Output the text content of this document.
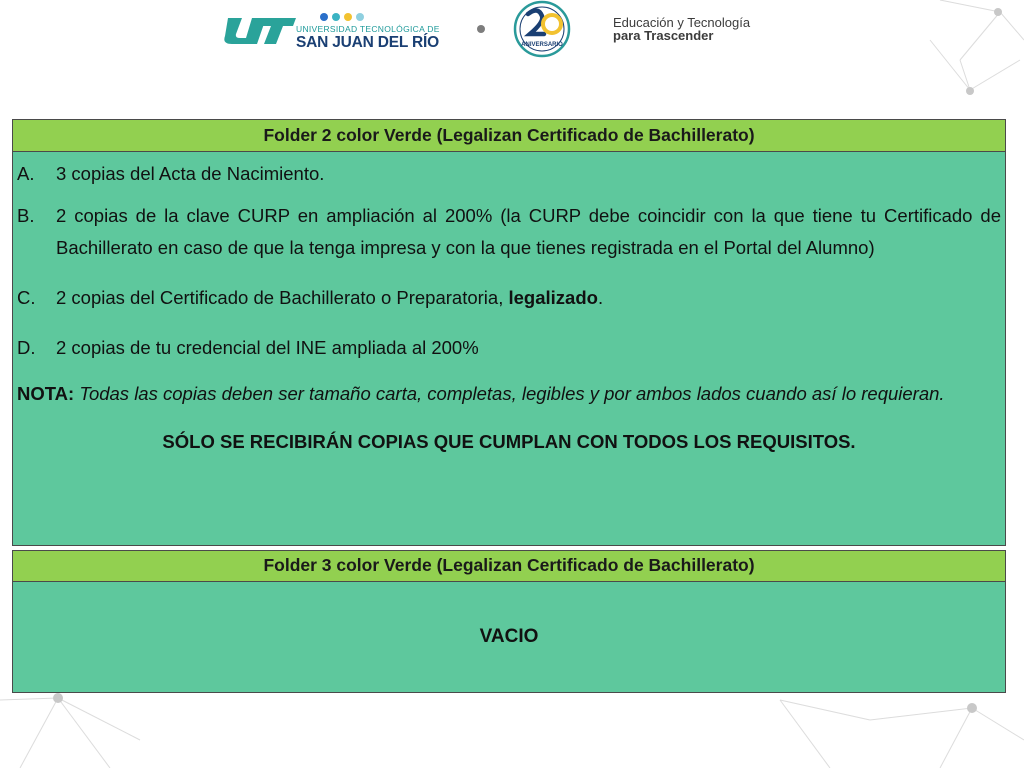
UNIVERSIDAD TECNOLÓGICA DE
SAN JUAN DEL RÍO	ANIVERSARIO
Educación y Tecnología
para Trascender
Folder 2 color Verde (Legalizan Certificado de Bachillerato)
A.	3 copias del Acta de Nacimiento.
B.	2 copias de la clave CURP en ampliación al 200% (la CURP debe coincidir con la que tiene tu Certificado de Bachillerato en caso de que la tenga impresa y con la que tienes registrada en el Portal del Alumno)
C.	2 copias del Certificado de Bachillerato o Preparatoria, legalizado.
D.	2 copias de tu credencial del INE ampliada al 200%
NOTA: Todas las copias deben ser tamaño carta, completas, legibles y por ambos lados cuando así lo requieran.
SÓLO SE RECIBIRÁN COPIAS QUE CUMPLAN CON TODOS LOS REQUISITOS.
Folder 3 color Verde (Legalizan Certificado de Bachillerato)
VACIO
